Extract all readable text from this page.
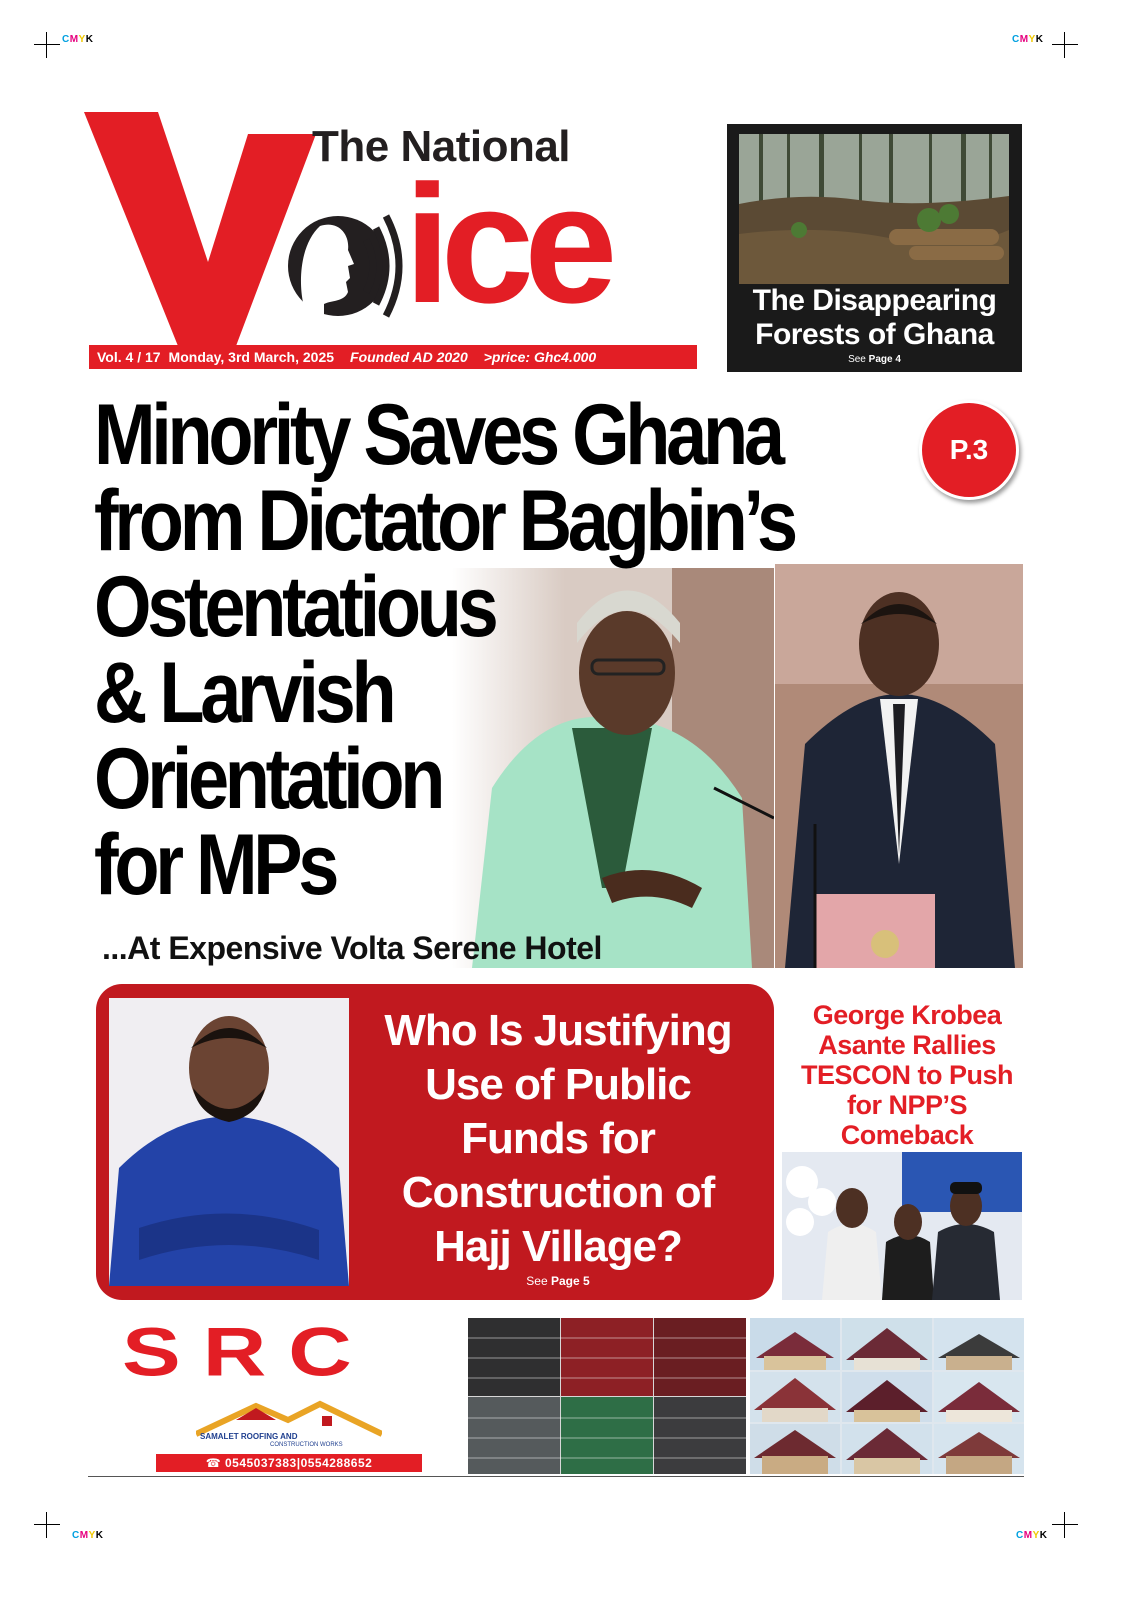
CMYK	CMYK
CMYK	CMYK
The National
ice
Vol. 4 / 17 Monday, 3rd March, 2025 Founded AD 2020 >price: Ghc4.000
The Disappearing
Forests of Ghana
See Page 4
Minority Saves Ghana
from Dictator Bagbin’s
Ostentatious
& Larvish
Orientation
for MPs
P.3
...At Expensive Volta Serene Hotel
Who Is Justifying
Use of Public
Funds for
Construction of
Hajj Village?
See Page 5
George Krobea
Asante Rallies
TESCON to Push
for NPP’S
Comeback
SRC
SAMALET ROOFING AND
CONSTRUCTION WORKS
☎ 0545037383|0554288652
